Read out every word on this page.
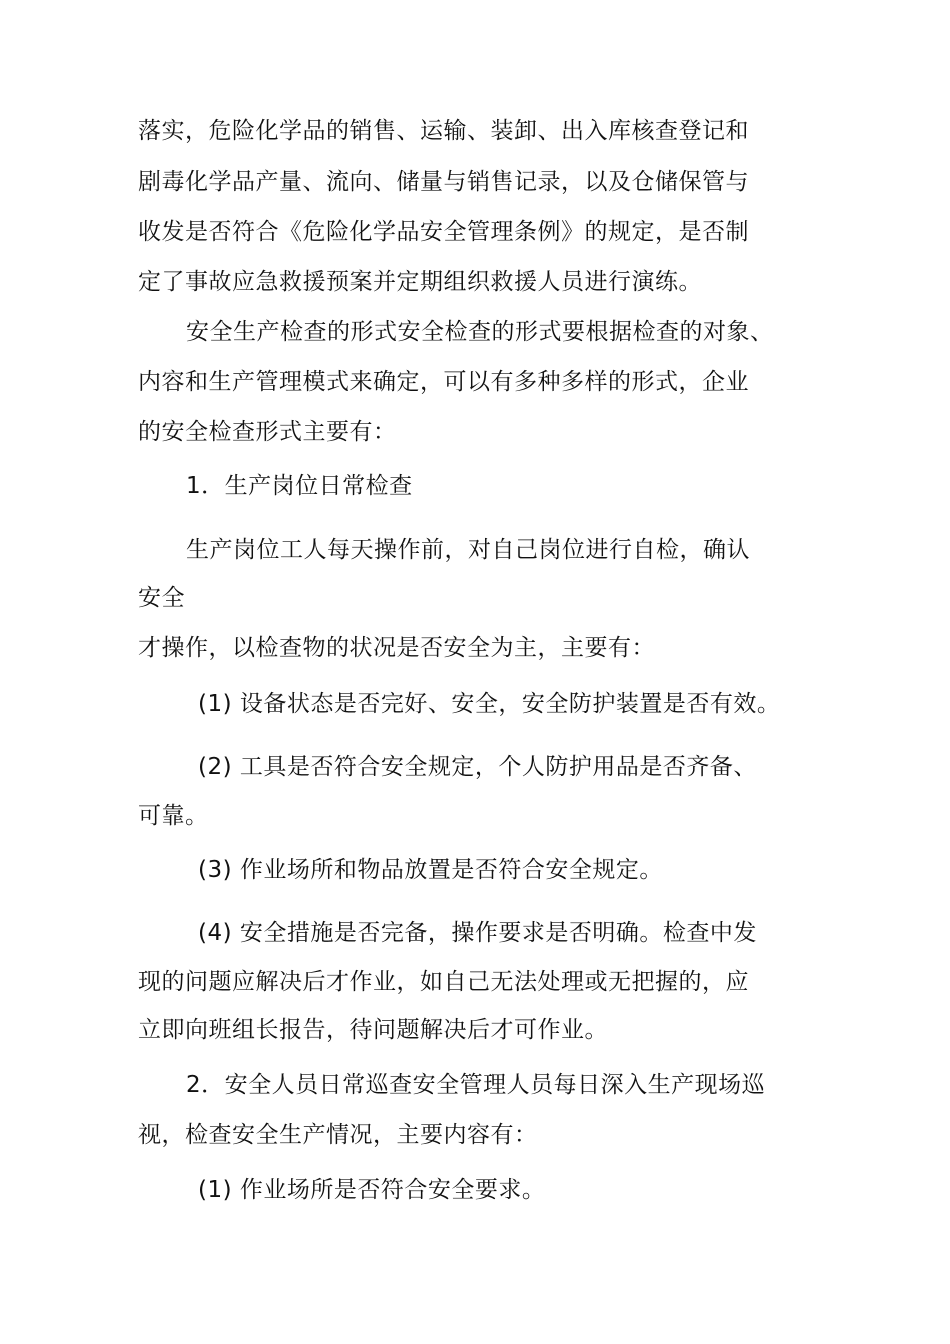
落实，危险化学品的销售、运输、装卸、出入库核查登记和
剧毒化学品产量、流向、储量与销售记录，以及仓储保管与
收发是否符合《危险化学品安全管理条例》的规定，是否制
定了事故应急救援预案并定期组织救援人员进行演练。
安全生产检查的形式安全检查的形式要根据检查的对象、
内容和生产管理模式来确定，可以有多种多样的形式，企业
的安全检查形式主要有：
1．生产岗位日常检查
生产岗位工人每天操作前，对自己岗位进行自检，确认
安全
才操作，以检查物的状况是否安全为主，主要有：
(1) 设备状态是否完好、安全，安全防护装置是否有效。
(2) 工具是否符合安全规定，个人防护用品是否齐备、
可靠。
(3) 作业场所和物品放置是否符合安全规定。
(4) 安全措施是否完备，操作要求是否明确。检查中发
现的问题应解决后才作业，如自己无法处理或无把握的，应
立即向班组长报告，待问题解决后才可作业。
2．安全人员日常巡查安全管理人员每日深入生产现场巡
视，检查安全生产情况，主要内容有：
(1) 作业场所是否符合安全要求。
